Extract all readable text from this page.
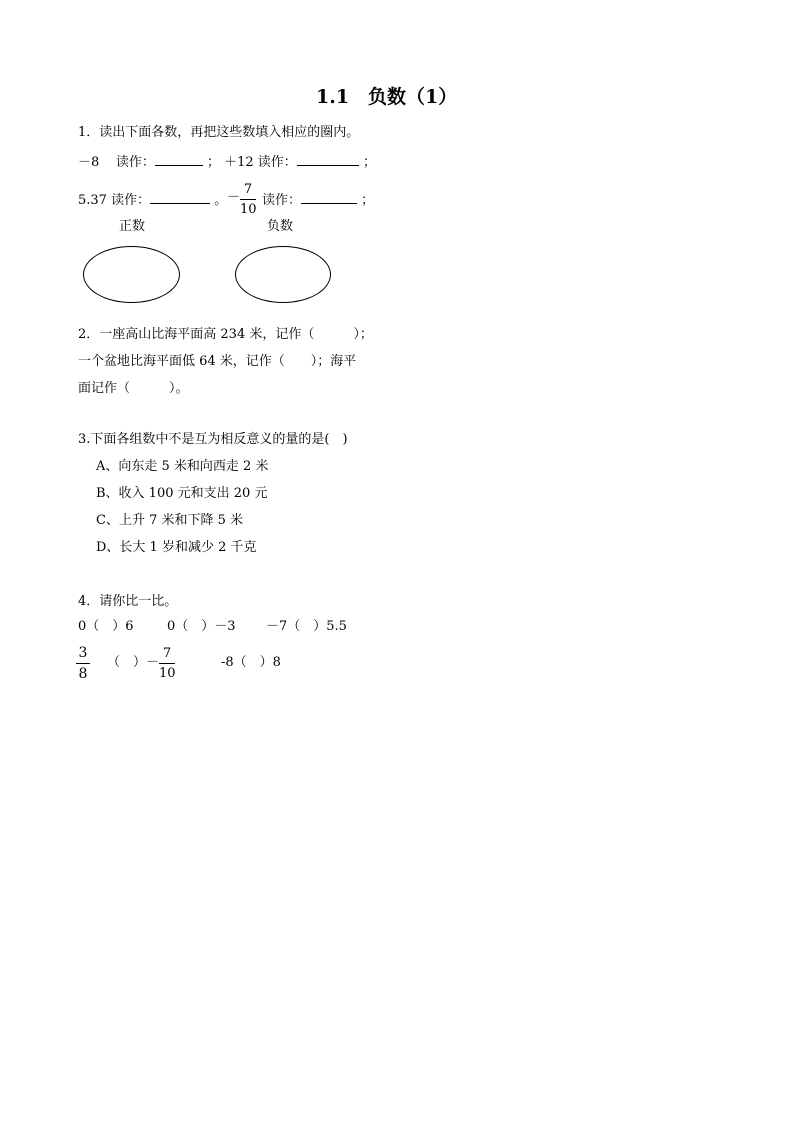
1.1　负数（1）
1．读出下面各数，再把这些数填入相应的圈内。
－8 读作：	； ＋12 读作：	；
5.37 读作：	。 －
7
10
读作：	；
正数	负数
2．一座高山比海平面高 234 米，记作（　　　）；
一个盆地比海平面低 64 米，记作（　　）；海平
面记作（　　　）。
3.下面各组数中不是互为相反意义的量的是(　)
A、向东走 5 米和向西走 2 米
B、收入 100 元和支出 20 元
C、上升 7 米和下降 5 米
D、长大 1 岁和减少 2 千克
4．请你比一比。
0（　）6	0（　）－3 －7（　）5.5
3
8
（　） －
7
10
-8（　）8
